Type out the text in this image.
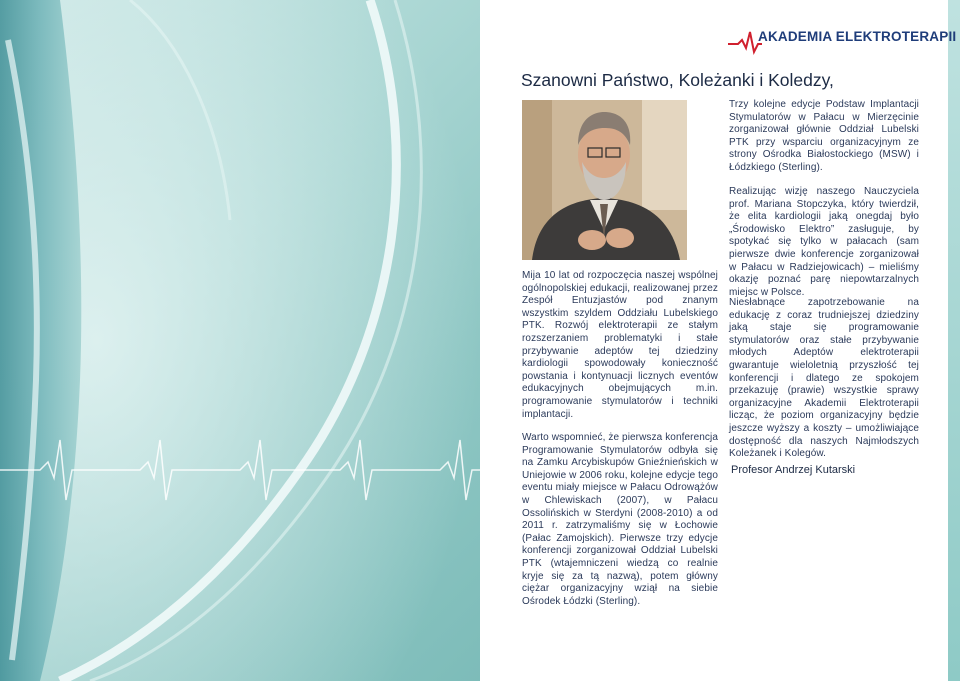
AKADEMIA ELEKTROTERAPII
Szanowni Państwo, Koleżanki i Koledzy,

Mija 10 lat od rozpoczęcia naszej wspólnej ogólnopolskiej edukacji, realizowanej przez Zespół Entuzjastów pod znanym wszystkim szyldem Oddziału Lubelskiego PTK. Rozwój elektroterapii ze stałym rozszerzaniem problematyki i stałe przybywanie adeptów tej dziedziny kardiologii spowodowały konieczność powstania i kontynuacji licznych eventów edukacyjnych obejmujących m.in. programowanie stymulatorów i techniki implantacji.

Warto wspomnieć, że pierwsza konferencja Programowanie Stymulatorów odbyła się na Zamku Arcybiskupów Gnieźnieńskich w Uniejowie w 2006 roku, kolejne edycje tego eventu miały miejsce w Pałacu Odrowążów w Chlewiskach (2007), w Pałacu Ossolińskich w Sterdyni (2008-2010) a od 2011 r. zatrzymaliśmy się w Łochowie (Pałac Zamojskich). Pierwsze trzy edycje konferencji zorganizował Oddział Lubelski PTK (wtajemniczeni wiedzą co realnie kryje się za tą nazwą), potem główny ciężar organizacyjny wziął na siebie Ośrodek Łódzki (Sterling).

Trzy kolejne edycje Podstaw Implantacji Stymulatorów w Pałacu w Mierzęcinie zorganizował głównie Oddział Lubelski PTK przy wsparciu organizacyjnym ze strony Ośrodka Białostockiego (MSW) i Łódzkiego (Sterling).

Realizując wizję naszego Nauczyciela prof. Mariana Stopczyka, który twierdził, że elita kardiologii jaką onegdaj było „Środowisko Elektro” zasługuje, by spotykać się tylko w pałacach (sam pierwsze dwie konferencje zorganizował w Pałacu w Radziejowicach) – mieliśmy okazję poznać parę niepowtarzalnych miejsc w Polsce.

Niesłabnące zapotrzebowanie na edukację z coraz trudniejszej dziedziny jaką staje się programowanie stymulatorów oraz stałe przybywanie młodych Adeptów elektroterapii gwarantuje wieloletnią przyszłość tej konferencji i dlatego ze spokojem przekazuję (prawie) wszystkie sprawy organizacyjne Akademii Elektroterapii licząc, że poziom organizacyjny będzie jeszcze wyższy a koszty – umożliwiające dostępność dla naszych Najmłodszych Koleżanek i Kolegów.

Profesor Andrzej Kutarski
